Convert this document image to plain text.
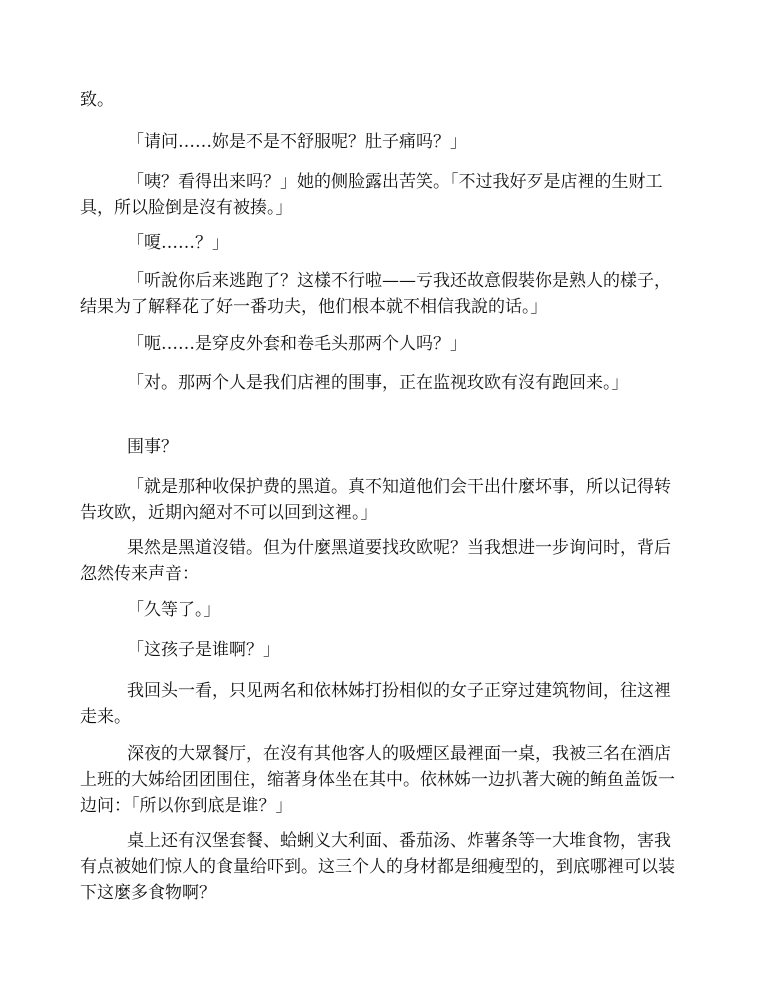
致。

「请问……妳是不是不舒服呢？肚子痛吗？」

「咦？看得出来吗？」她的侧脸露出苦笑。「不过我好歹是店裡的生财工具，所以脸倒是沒有被揍。」

「嗄……？」

「听說你后来逃跑了？这樣不行啦——亏我还故意假裝你是熟人的樣子，结果为了解释花了好一番功夫，他们根本就不相信我說的话。」

「呃……是穿皮外套和卷毛头那两个人吗？」

「对。那两个人是我们店裡的围事，正在监视玫欧有沒有跑回来。」

围事？

「就是那种收保护费的黑道。真不知道他们会干出什麼坏事，所以记得转告玫欧，近期內絕对不可以回到这裡。」

果然是黑道沒错。但为什麼黑道要找玫欧呢？当我想进一步询问时，背后忽然传来声音：

「久等了。」

「这孩子是谁啊？」

我回头一看，只见两名和依林姊打扮相似的女子正穿过建筑物间，往这裡走来。

深夜的大眾餐厅，在沒有其他客人的吸煙区最裡面一桌，我被三名在酒店上班的大姊给团团围住，缩著身体坐在其中。依林姊一边扒著大碗的鲔鱼盖饭一边问：「所以你到底是谁？」

桌上还有汉堡套餐、蛤蜊义大利面、番茄汤、炸薯条等一大堆食物，害我有点被她们惊人的食量给吓到。这三个人的身材都是细瘦型的，到底哪裡可以装下这麼多食物啊？
